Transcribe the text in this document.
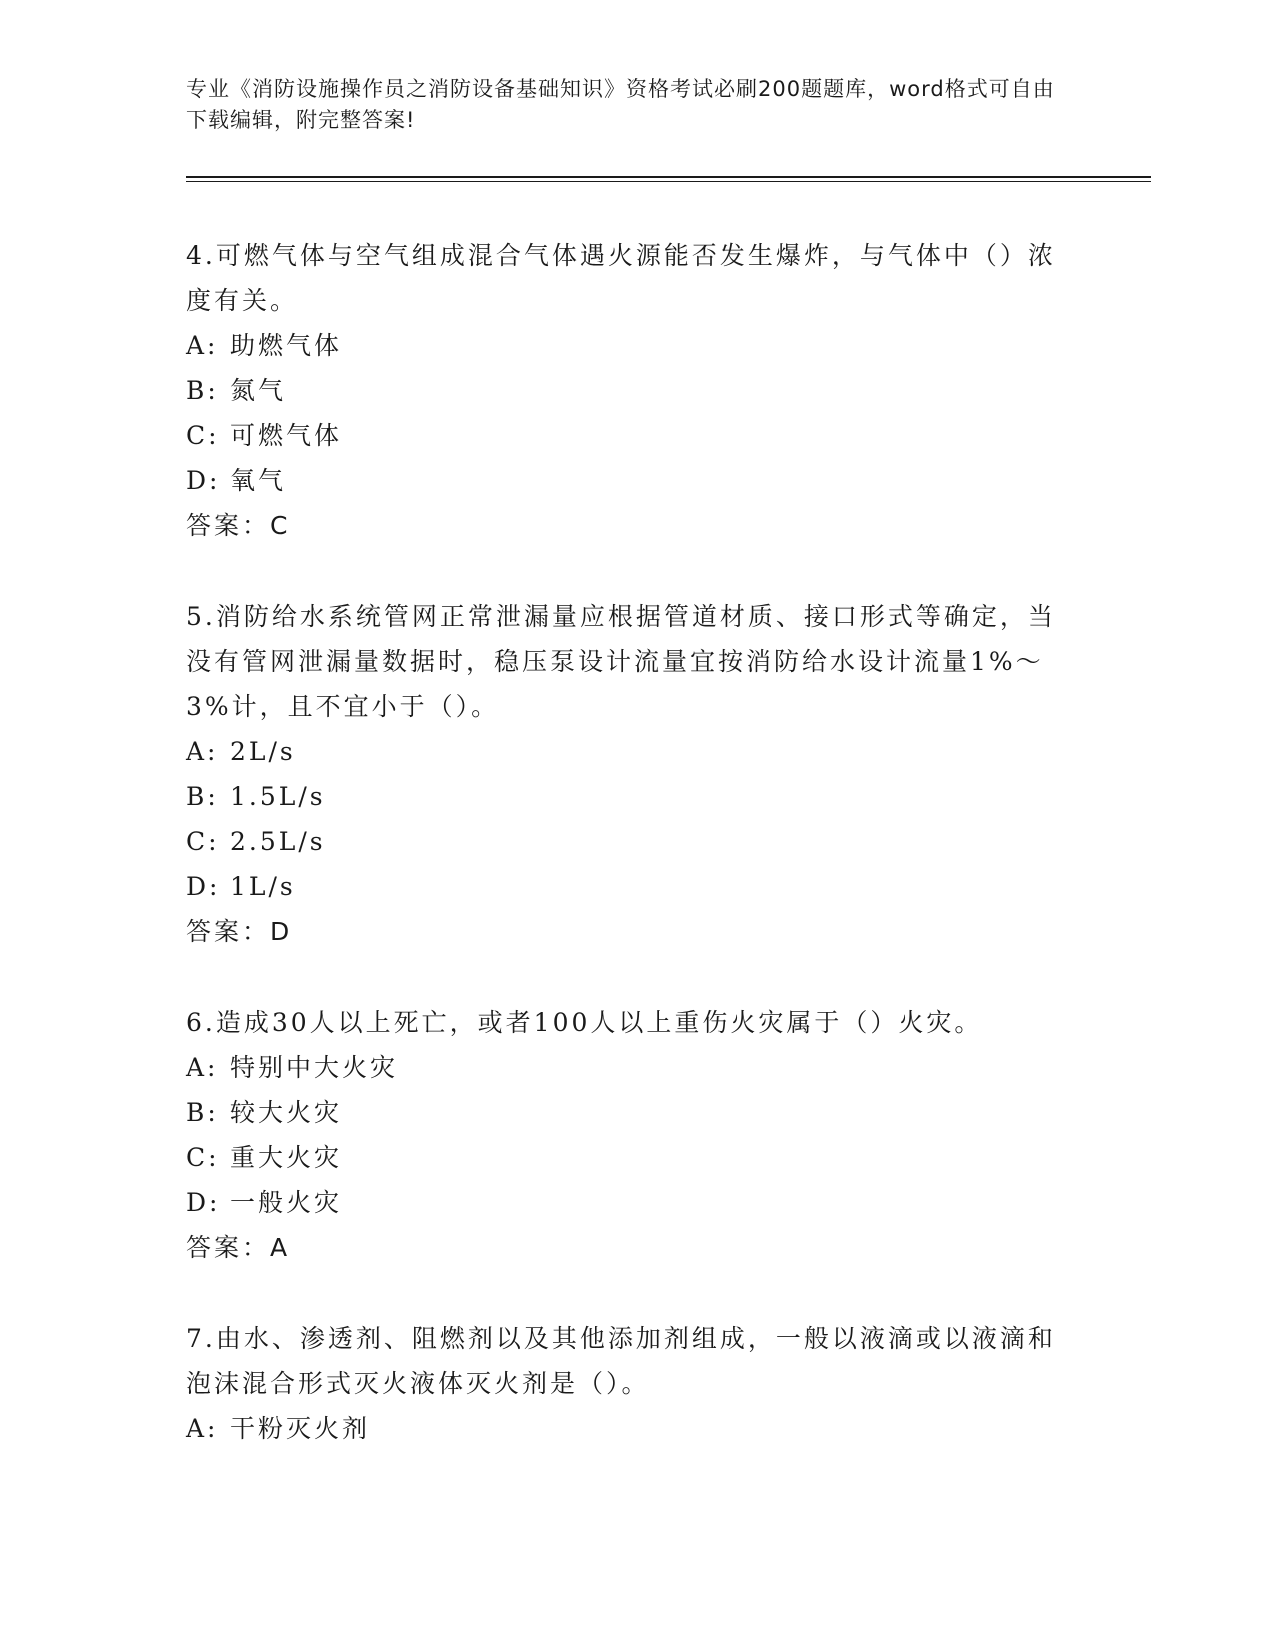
专业《消防设施操作员之消防设备基础知识》资格考试必刷200题题库，word格式可自由下载编辑，附完整答案!

4.可燃气体与空气组成混合气体遇火源能否发生爆炸，与气体中（）浓度有关。

A: 助燃气体
B: 氮气
C: 可燃气体
D: 氧气

答案：C

5.消防给水系统管网正常泄漏量应根据管道材质、接口形式等确定，当没有管网泄漏量数据时，稳压泵设计流量宜按消防给水设计流量1%～3%计，且不宜小于（）。

A: 2L/s
B: 1.5L/s
C: 2.5L/s
D: 1L/s

答案：D

6.造成30人以上死亡，或者100人以上重伤火灾属于（）火灾。

A: 特别中大火灾
B: 较大火灾
C: 重大火灾
D: 一般火灾

答案：A

7.由水、渗透剂、阻燃剂以及其他添加剂组成，一般以液滴或以液滴和泡沫混合形式灭火液体灭火剂是（）。

A: 干粉灭火剂
